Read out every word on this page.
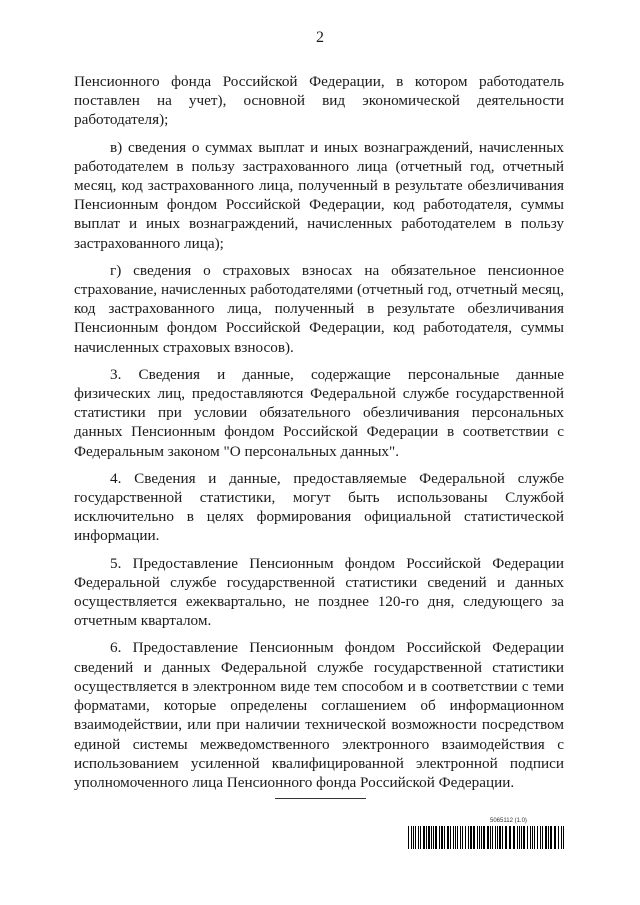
2

Пенсионного фонда Российской Федерации, в котором работодатель поставлен на учет), основной вид экономической деятельности работодателя);

в) сведения о суммах выплат и иных вознаграждений, начисленных работодателем в пользу застрахованного лица (отчетный год, отчетный месяц, код застрахованного лица, полученный в результате обезличивания Пенсионным фондом Российской Федерации, код работодателя, суммы выплат и иных вознаграждений, начисленных работодателем в пользу застрахованного лица);

г) сведения о страховых взносах на обязательное пенсионное страхование, начисленных работодателями (отчетный год, отчетный месяц, код застрахованного лица, полученный в результате обезличивания Пенсионным фондом Российской Федерации, код работодателя, суммы начисленных страховых взносов).

3. Сведения и данные, содержащие персональные данные физических лиц, предоставляются Федеральной службе государственной статистики при условии обязательного обезличивания персональных данных Пенсионным фондом Российской Федерации в соответствии с Федеральным законом "О персональных данных".

4. Сведения и данные, предоставляемые Федеральной службе государственной статистики, могут быть использованы Службой исключительно в целях формирования официальной статистической информации.

5. Предоставление Пенсионным фондом Российской Федерации Федеральной службе государственной статистики сведений и данных осуществляется ежеквартально, не позднее 120-го дня, следующего за отчетным кварталом.

6. Предоставление Пенсионным фондом Российской Федерации сведений и данных Федеральной службе государственной статистики осуществляется в электронном виде тем способом и в соответствии с теми форматами, которые определены соглашением об информационном взаимодействии, или при наличии технической возможности посредством единой системы межведомственного электронного взаимодействия с использованием усиленной квалифицированной электронной подписи уполномоченного лица Пенсионного фонда Российской Федерации.

5065112 (1.0)
